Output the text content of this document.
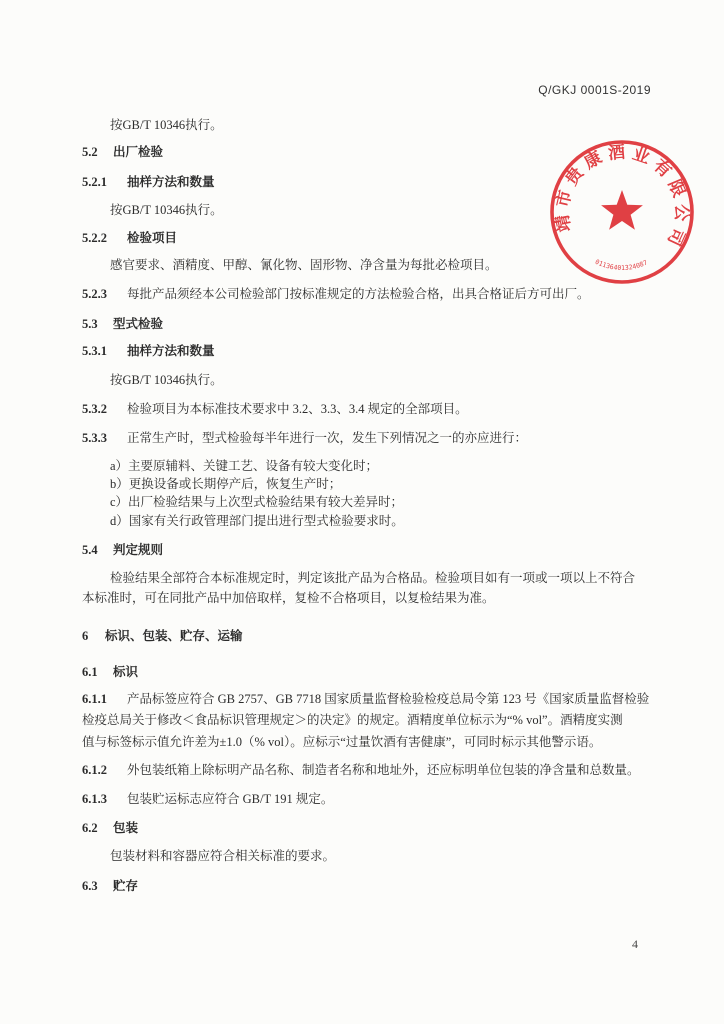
Q/GKJ 0001S-2019
按GB/T 10346执行。
5.2 出厂检验
5.2.1 抽样方法和数量
按GB/T 10346执行。
5.2.2 检验项目
感官要求、酒精度、甲醇、氰化物、固形物、净含量为每批必检项目。
5.2.3 每批产品须经本公司检验部门按标准规定的方法检验合格，出具合格证后方可出厂。
5.3 型式检验
5.3.1 抽样方法和数量
按GB/T 10346执行。
5.3.2 检验项目为本标准技术要求中 3.2、3.3、3.4 规定的全部项目。
5.3.3 正常生产时，型式检验每半年进行一次，发生下列情况之一的亦应进行：
a）主要原辅料、关键工艺、设备有较大变化时；
b）更换设备或长期停产后，恢复生产时；
c）出厂检验结果与上次型式检验结果有较大差异时；
d）国家有关行政管理部门提出进行型式检验要求时。
5.4 判定规则
检验结果全部符合本标准规定时，判定该批产品为合格品。检验项目如有一项或一项以上不符合
本标准时，可在同批产品中加倍取样，复检不合格项目，以复检结果为准。
6 标识、包装、贮存、运输
6.1 标识
6.1.1 产品标签应符合 GB 2757、GB 7718 国家质量监督检验检疫总局令第 123 号《国家质量监督检验
检疫总局关于修改＜食品标识管理规定＞的决定》的规定。酒精度单位标示为“% vol”。酒精度实测
值与标签标示值允许差为±1.0（% vol）。应标示“过量饮酒有害健康”，可同时标示其他警示语。
6.1.2 外包装纸箱上除标明产品名称、制造者名称和地址外，还应标明单位包装的净含量和总数量。
6.1.3 包装贮运标志应符合 GB/T 191 规定。
6.2 包装
包装材料和容器应符合相关标准的要求。
6.3 贮存
4
靖市贵康酒业有限公司
01136401324087
